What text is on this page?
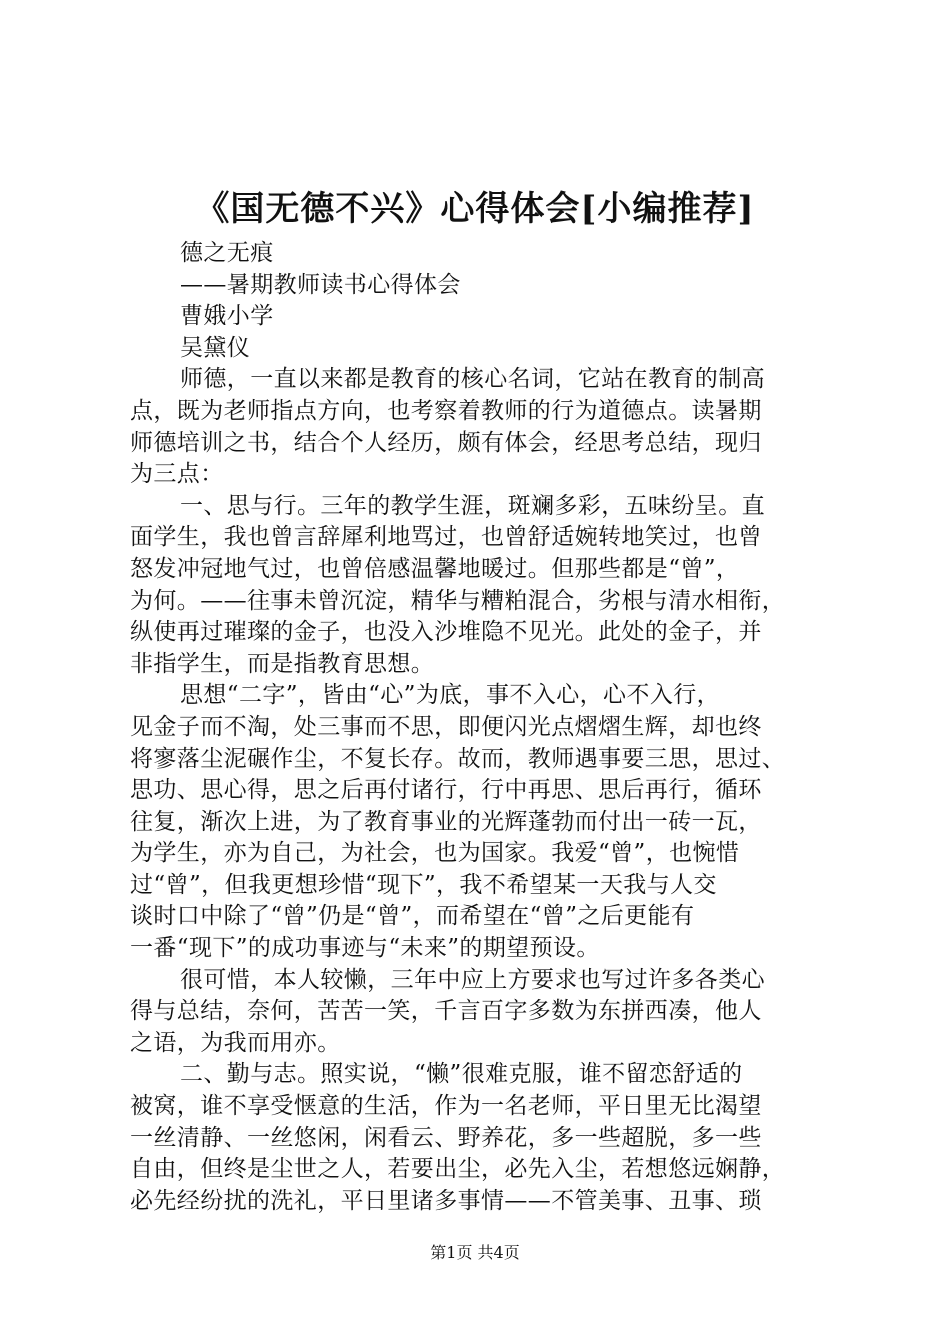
《国无德不兴》心得体会[小编推荐]
德之无痕
——暑期教师读书心得体会
曹娥小学
吴黛仪
师德，一直以来都是教育的核心名词，它站在教育的制高
点，既为老师指点方向，也考察着教师的行为道德点。读暑期
师德培训之书，结合个人经历，颇有体会，经思考总结，现归
为三点：
一、思与行。三年的教学生涯，斑斓多彩，五味纷呈。直
面学生，我也曾言辞犀利地骂过，也曾舒适婉转地笑过，也曾
怒发冲冠地气过，也曾倍感温馨地暖过。但那些都是“曾”，
为何。——往事未曾沉淀，精华与糟粕混合，劣根与清水相衔，
纵使再过璀璨的金子，也没入沙堆隐不见光。此处的金子，并
非指学生，而是指教育思想。
思想“二字”，皆由“心”为底，事不入心，心不入行，
见金子而不淘，处三事而不思，即便闪光点熠熠生辉，却也终
将寥落尘泥碾作尘，不复长存。故而，教师遇事要三思，思过、
思功、思心得，思之后再付诸行，行中再思、思后再行，循环
往复，渐次上进，为了教育事业的光辉蓬勃而付出一砖一瓦，
为学生，亦为自己，为社会，也为国家。我爱“曾”，也惋惜
过“曾”，但我更想珍惜“现下”，我不希望某一天我与人交
谈时口中除了“曾”仍是“曾”，而希望在“曾”之后更能有
一番“现下”的成功事迹与“未来”的期望预设。
很可惜，本人较懒，三年中应上方要求也写过许多各类心
得与总结，奈何，苦苦一笑，千言百字多数为东拼西凑，他人
之语，为我而用亦。
二、勤与志。照实说，“懒”很难克服，谁不留恋舒适的
被窝，谁不享受惬意的生活，作为一名老师，平日里无比渴望
一丝清静、一丝悠闲，闲看云、野养花，多一些超脱，多一些
自由，但终是尘世之人，若要出尘，必先入尘，若想悠远娴静，
必先经纷扰的洗礼，平日里诸多事情——不管美事、丑事、琐
第1页 共4页
